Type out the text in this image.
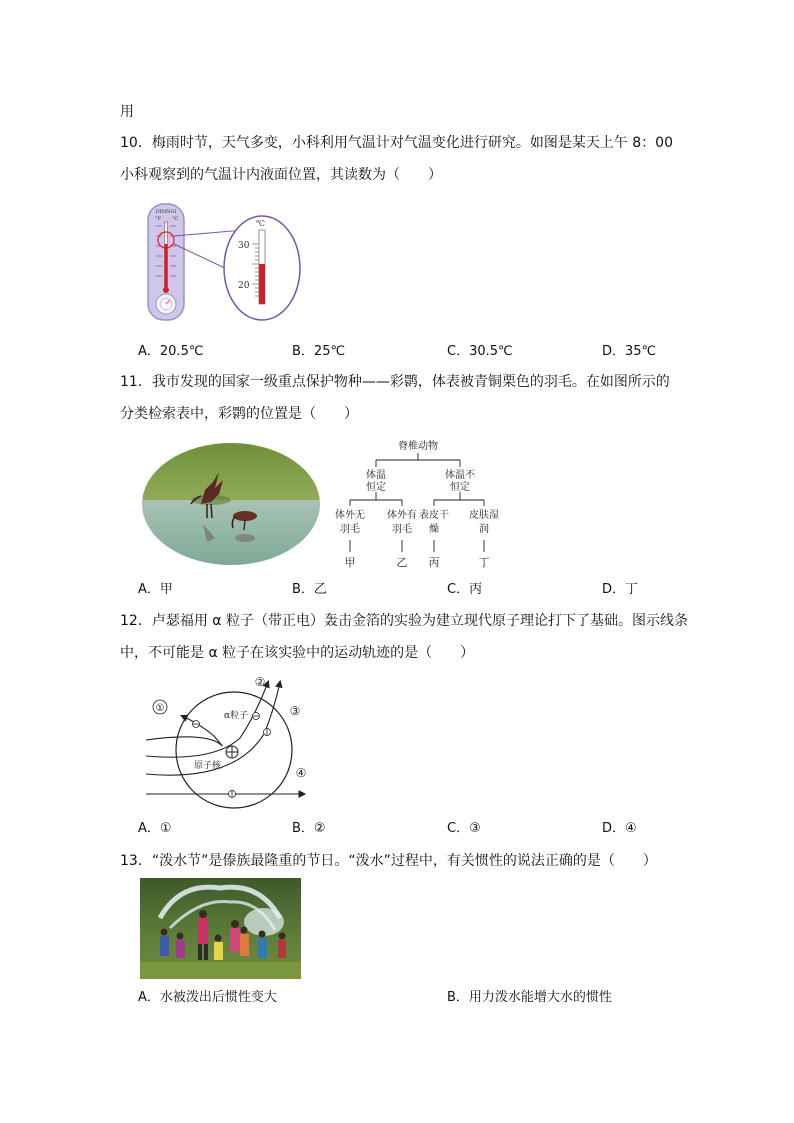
用
10．梅雨时节，天气多变，小科利用气温计对气温变化进行研究。如图是某天上午 8：00
小科观察到的气温计内液面位置，其读数为（　　）
DINNGI
°F °C	℃
30
20
A．20.5℃	B．25℃	C．30.5℃	D．35℃
11．我市发现的国家一级重点保护物种——彩鹮，体表被青铜栗色的羽毛。在如图所示的
分类检索表中，彩鹮的位置是（　　）
脊椎动物
体温恒定
体温不恒定
体外无羽毛
体外有羽毛
表皮干燥
皮肤湿润
甲	乙 丙	丁
A．甲	B．乙	C．丙	D．丁
12．卢瑟福用 α 粒子（带正电）轰击金箔的实验为建立现代原子理论打下了基础。图示线条
中，不可能是 α 粒子在该实验中的运动轨迹的是（　　）
①
②
③
④
α粒子
原子核
A．①	B．②	C．③	D．④
13．“泼水节”是傣族最隆重的节日。“泼水”过程中，有关惯性的说法正确的是（　　）
A．水被泼出后惯性变大	B．用力泼水能增大水的惯性
